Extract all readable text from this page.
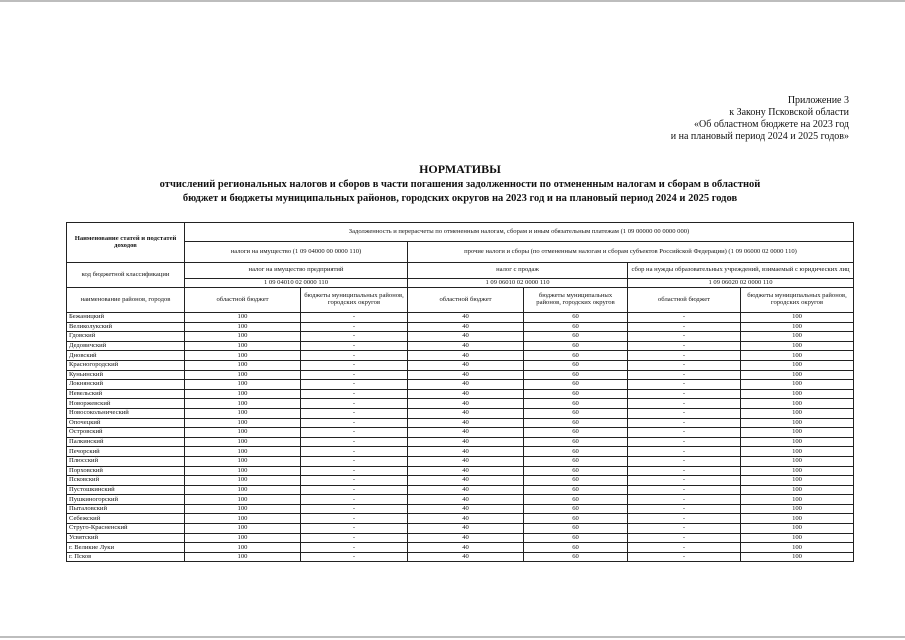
Приложение 3
к Закону Псковской области
«Об областном бюджете на 2023 год
и на плановый период 2024 и 2025 годов»
НОРМАТИВЫ
отчислений региональных налогов и сборов в части погашения задолженности по отмененным налогам и сборам в областной
бюджет и бюджеты муниципальных районов, городских округов на 2023 год и на плановый период 2024 и 2025 годов
Наименование статей и подстатей доходов	Задолженность и перерасчеты по отмененным налогам, сборам и иным обязательным платежам (1 09 00000 00 0000 000)					
	налоги на имущество (1 09 04000 00 0000 110)		прочие налоги и сборы (по отмененным налогам и сборам субъектов Российской Федерации) (1 09 06000 02 0000 110)			
код бюджетной классификации	налог на имущество предприятий		налог с продаж		сбор на нужды образовательных учреждений, взимаемый с юридических лиц	
	1 09 04010 02 0000 110		1 09 06010 02 0000 110		1 09 06020 02 0000 110	
наименование районов, городов	областной бюджет	бюджеты муниципальных районов, городских округов	областной бюджет	бюджеты муниципальных районов, городских округов	областной бюджет	бюджеты муниципальных районов, городских округов
Бежаницкий	100	-	40	60	-	100
Великолукский	100	-	40	60	-	100
Гдовский	100	-	40	60	-	100
Дедовичский	100	-	40	60	-	100
Дновский	100	-	40	60	-	100
Красногородский	100	-	40	60	-	100
Куньинский	100	-	40	60	-	100
Локнянский	100	-	40	60	-	100
Невельский	100	-	40	60	-	100
Новоржевский	100	-	40	60	-	100
Новосокольнический	100	-	40	60	-	100
Опочецкий	100	-	40	60	-	100
Островский	100	-	40	60	-	100
Палкинский	100	-	40	60	-	100
Печорский	100	-	40	60	-	100
Плюсский	100	-	40	60	-	100
Порховский	100	-	40	60	-	100
Псковский	100	-	40	60	-	100
Пустошкинский	100	-	40	60	-	100
Пушкиногорский	100	-	40	60	-	100
Пыталовский	100	-	40	60	-	100
Себежский	100	-	40	60	-	100
Струго-Красненский	100	-	40	60	-	100
Усвятский	100	-	40	60	-	100
г. Великие Луки	100	-	40	60	-	100
г. Псков	100	-	40	60	-	100
